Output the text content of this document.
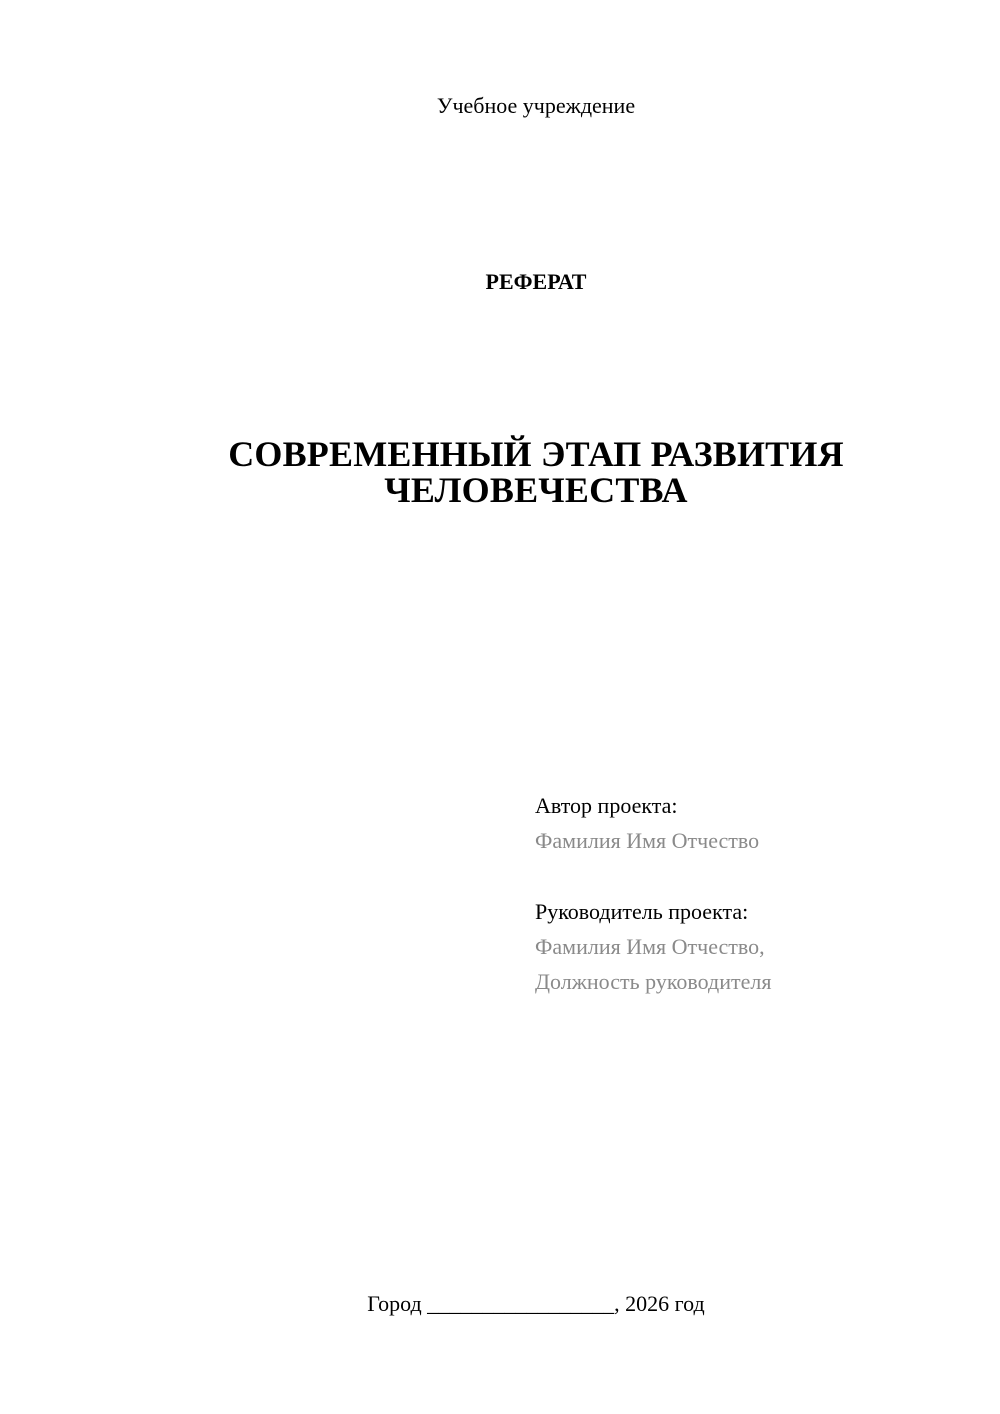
Учебное учреждение
РЕФЕРАТ
СОВРЕМЕННЫЙ ЭТАП РАЗВИТИЯ
ЧЕЛОВЕЧЕСТВА
Автор проекта:
Фамилия Имя Отчество
Руководитель проекта:
Фамилия Имя Отчество,
Должность руководителя
Город _________________, 2026 год
